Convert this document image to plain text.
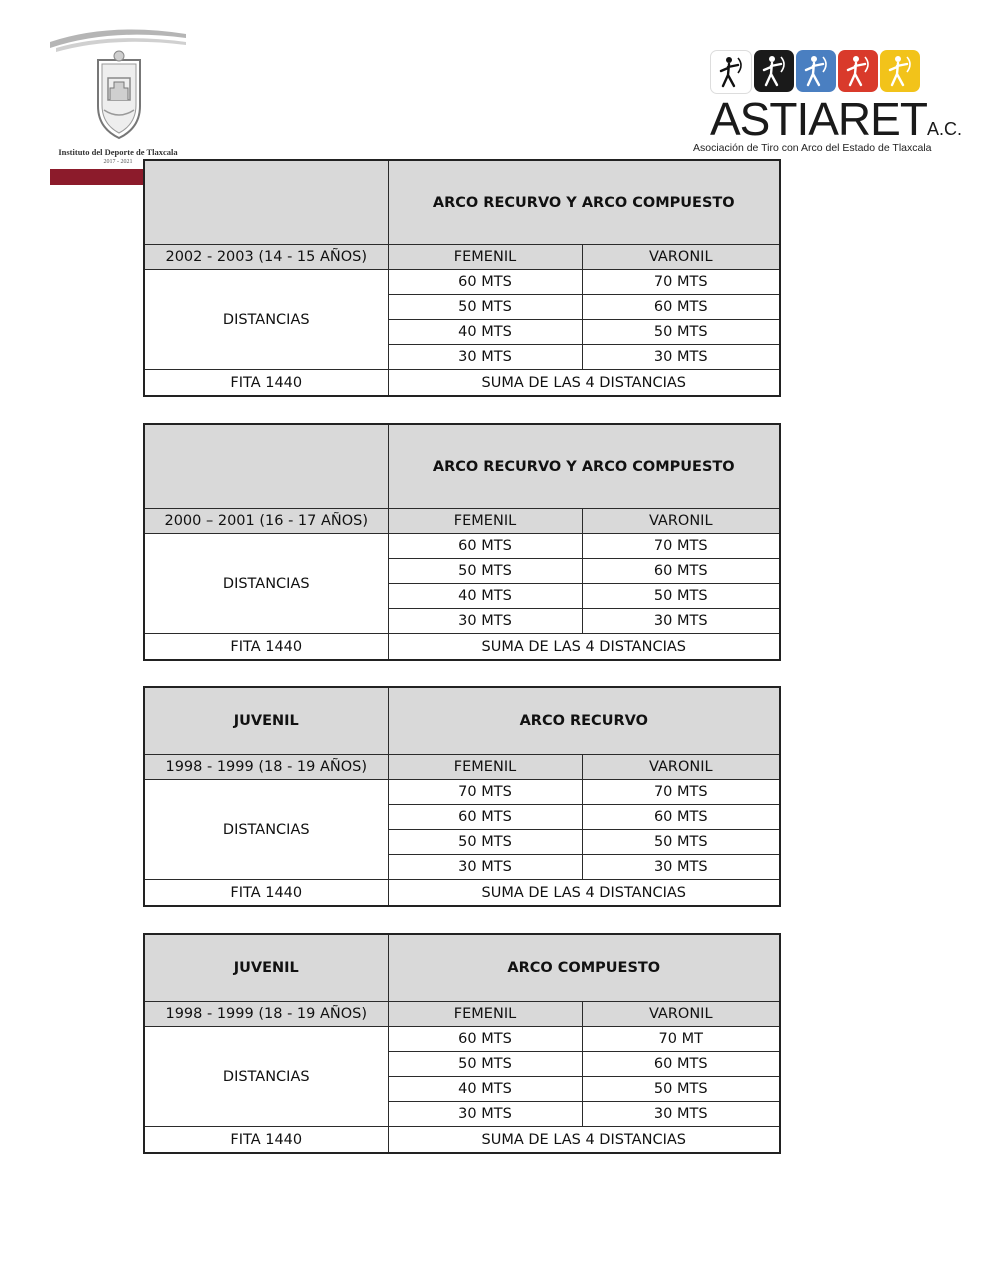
Instituto del Deporte de Tlaxcala
2017 - 2021
ASTIARETA.C.
Asociación de Tiro con Arco del Estado de Tlaxcala
	ARCO RECURVO Y ARCO COMPUESTO	
2002 - 2003 (14 - 15 AÑOS)	FEMENIL	VARONIL
DISTANCIAS	60 MTS	70 MTS
	50 MTS	60 MTS
	40 MTS	50 MTS
	30 MTS	30 MTS
FITA 1440	SUMA DE LAS 4 DISTANCIAS	
	ARCO RECURVO Y ARCO COMPUESTO	
2000 – 2001 (16 - 17 AÑOS)	FEMENIL	VARONIL
DISTANCIAS	60 MTS	70 MTS
	50 MTS	60 MTS
	40 MTS	50 MTS
	30 MTS	30 MTS
FITA 1440	SUMA DE LAS 4 DISTANCIAS	
JUVENIL	ARCO RECURVO	
1998 - 1999 (18 - 19 AÑOS)	FEMENIL	VARONIL
DISTANCIAS	70 MTS	70 MTS
	60 MTS	60 MTS
	50 MTS	50 MTS
	30 MTS	30 MTS
FITA 1440	SUMA DE LAS 4 DISTANCIAS	
JUVENIL	ARCO COMPUESTO	
1998 - 1999 (18 - 19 AÑOS)	FEMENIL	VARONIL
DISTANCIAS	60 MTS	70 MT
	50 MTS	60 MTS
	40 MTS	50 MTS
	30 MTS	30 MTS
FITA 1440	SUMA DE LAS 4 DISTANCIAS	
